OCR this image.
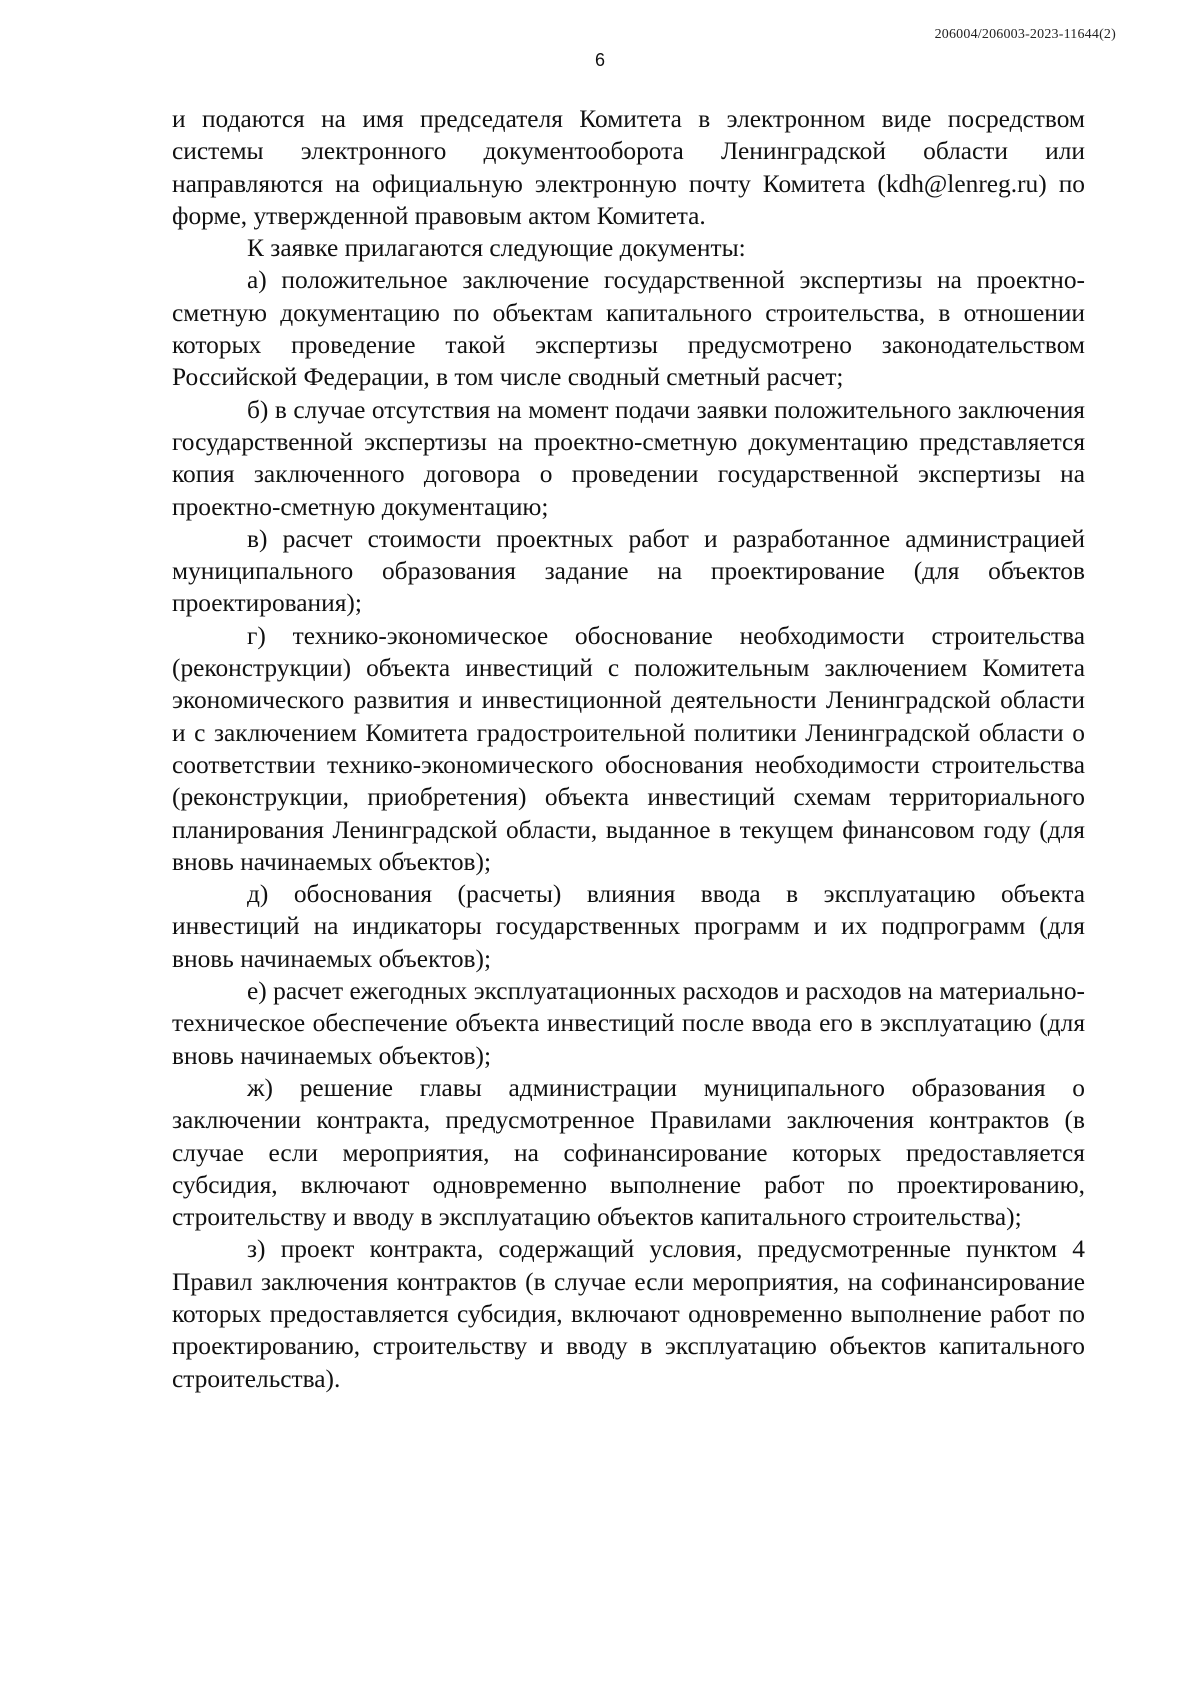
206004/206003-2023-11644(2)
6

и подаются на имя председателя Комитета в электронном виде посредством системы электронного документооборота Ленинградской области или направляются на официальную электронную почту Комитета (kdh@lenreg.ru) по форме, утвержденной правовым актом Комитета.

К заявке прилагаются следующие документы:

а) положительное заключение государственной экспертизы на проектно-сметную документацию по объектам капитального строительства, в отношении которых проведение такой экспертизы предусмотрено законодательством Российской Федерации, в том числе сводный сметный расчет;

б) в случае отсутствия на момент подачи заявки положительного заключения государственной экспертизы на проектно-сметную документацию представляется копия заключенного договора о проведении государственной экспертизы на проектно-сметную документацию;

в) расчет стоимости проектных работ и разработанное администрацией муниципального образования задание на проектирование (для объектов проектирования);

г) технико-экономическое обоснование необходимости строительства (реконструкции) объекта инвестиций с положительным заключением Комитета экономического развития и инвестиционной деятельности Ленинградской области и с заключением Комитета градостроительной политики Ленинградской области о соответствии технико-экономического обоснования необходимости строительства (реконструкции, приобретения) объекта инвестиций схемам территориального планирования Ленинградской области, выданное в текущем финансовом году (для вновь начинаемых объектов);

д) обоснования (расчеты) влияния ввода в эксплуатацию объекта инвестиций на индикаторы государственных программ и их подпрограмм (для вновь начинаемых объектов);

е) расчет ежегодных эксплуатационных расходов и расходов на материально-техническое обеспечение объекта инвестиций после ввода его в эксплуатацию (для вновь начинаемых объектов);

ж) решение главы администрации муниципального образования о заключении контракта, предусмотренное Правилами заключения контрактов (в случае если мероприятия, на софинансирование которых предоставляется субсидия, включают одновременно выполнение работ по проектированию, строительству и вводу в эксплуатацию объектов капитального строительства);

з) проект контракта, содержащий условия, предусмотренные пунктом 4 Правил заключения контрактов (в случае если мероприятия, на софинансирование которых предоставляется субсидия, включают одновременно выполнение работ по проектированию, строительству и вводу в эксплуатацию объектов капитального строительства).
